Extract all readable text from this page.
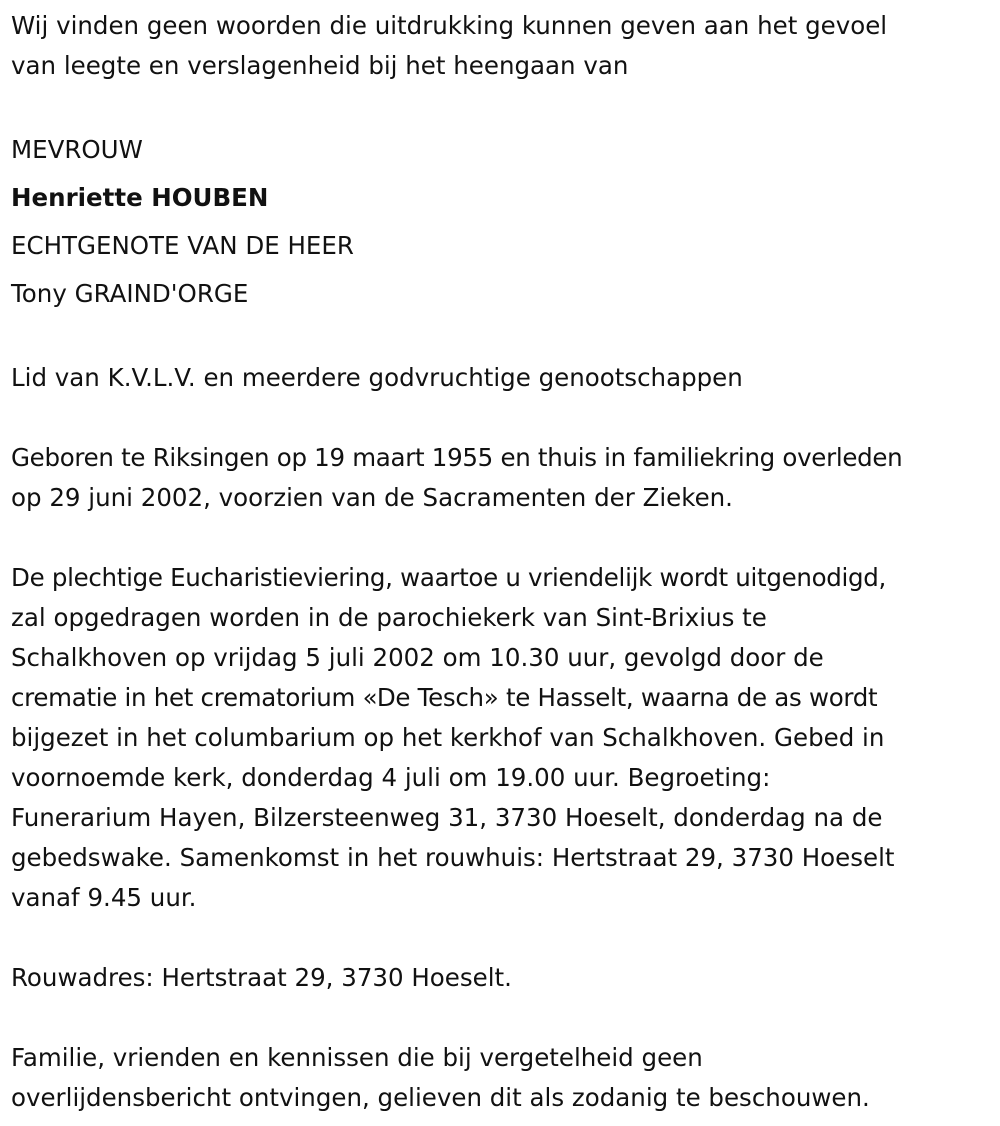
Wij vinden geen woorden die uitdrukking kunnen geven aan het gevoel
van leegte en verslagenheid bij het heengaan van

MEVROUW
Henriette HOUBEN
ECHTGENOTE VAN DE HEER
Tony GRAIND'ORGE

Lid van K.V.L.V. en meerdere godvruchtige genootschappen

Geboren te Riksingen op 19 maart 1955 en thuis in familiekring overleden
op 29 juni 2002, voorzien van de Sacramenten der Zieken.

De plechtige Eucharistieviering, waartoe u vriendelijk wordt uitgenodigd,
zal opgedragen worden in de parochiekerk van Sint-Brixius te
Schalkhoven op vrijdag 5 juli 2002 om 10.30 uur, gevolgd door de
crematie in het crematorium «De Tesch» te Hasselt, waarna de as wordt
bijgezet in het columbarium op het kerkhof van Schalkhoven. Gebed in
voornoemde kerk, donderdag 4 juli om 19.00 uur. Begroeting:
Funerarium Hayen, Bilzersteenweg 31, 3730 Hoeselt, donderdag na de
gebedswake. Samenkomst in het rouwhuis: Hertstraat 29, 3730 Hoeselt
vanaf 9.45 uur.

Rouwadres: Hertstraat 29, 3730 Hoeselt.

Familie, vrienden en kennissen die bij vergetelheid geen
overlijdensbericht ontvingen, gelieven dit als zodanig te beschouwen.
